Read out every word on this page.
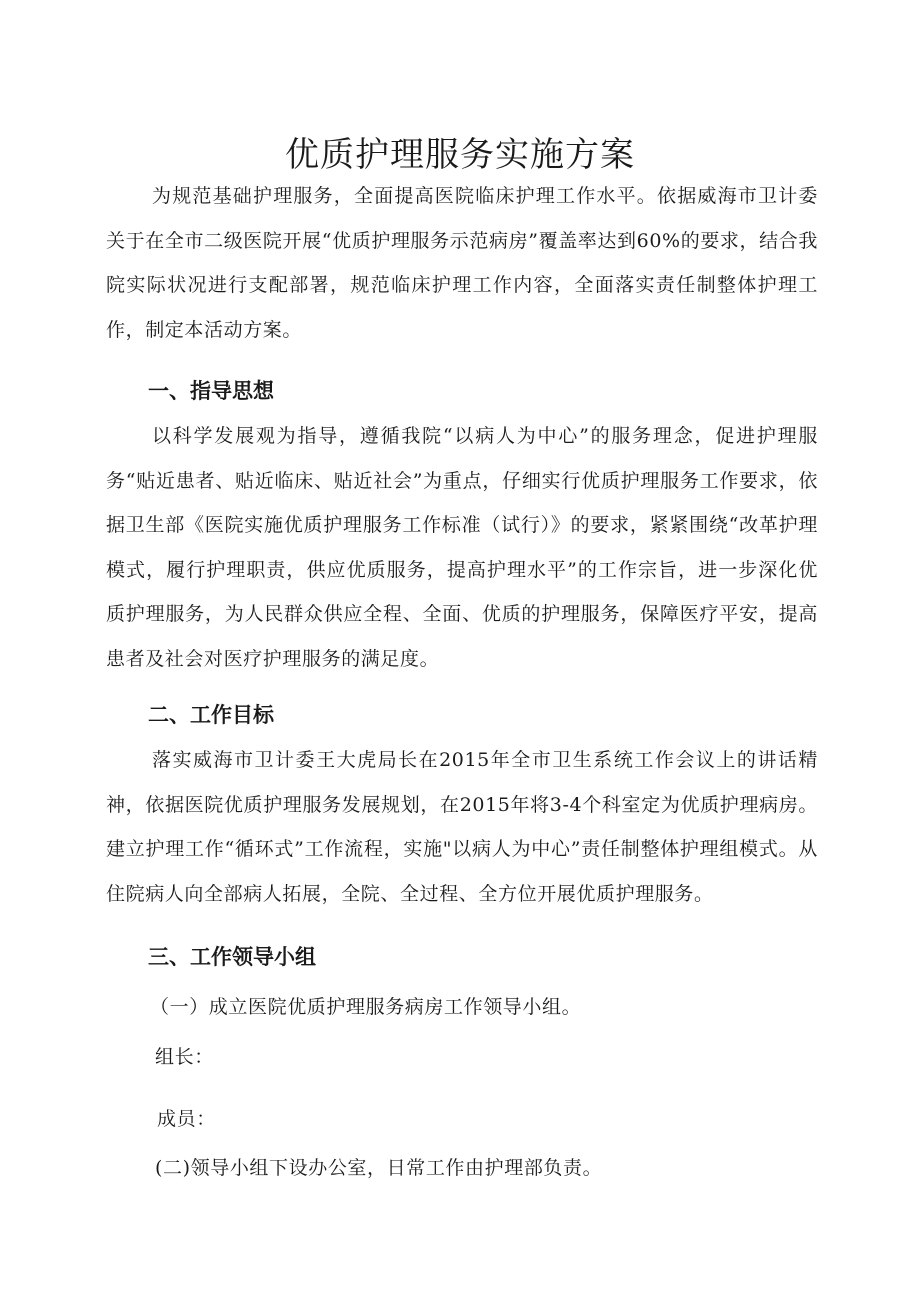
优质护理服务实施方案

为规范基础护理服务，全面提高医院临床护理工作水平。依据威海市卫计委关于在全市二级医院开展“优质护理服务示范病房”覆盖率达到60%的要求，结合我院实际状况进行支配部署，规范临床护理工作内容，全面落实责任制整体护理工作，制定本活动方案。

一、指导思想

以科学发展观为指导，遵循我院“以病人为中心”的服务理念，促进护理服务“贴近患者、贴近临床、贴近社会”为重点，仔细实行优质护理服务工作要求，依据卫生部《医院实施优质护理服务工作标准（试行）》的要求，紧紧围绕“改革护理模式，履行护理职责，供应优质服务，提高护理水平”的工作宗旨，进一步深化优质护理服务，为人民群众供应全程、全面、优质的护理服务，保障医疗平安，提高患者及社会对医疗护理服务的满足度。

二、工作目标

落实威海市卫计委王大虎局长在2015年全市卫生系统工作会议上的讲话精神，依据医院优质护理服务发展规划，在2015年将3-4个科室定为优质护理病房。建立护理工作“循环式”工作流程，实施"以病人为中心”责任制整体护理组模式。从住院病人向全部病人拓展，全院、全过程、全方位开展优质护理服务。

三、工作领导小组

（一）成立医院优质护理服务病房工作领导小组。

组长：

成员：

(二)领导小组下设办公室，日常工作由护理部负责。
